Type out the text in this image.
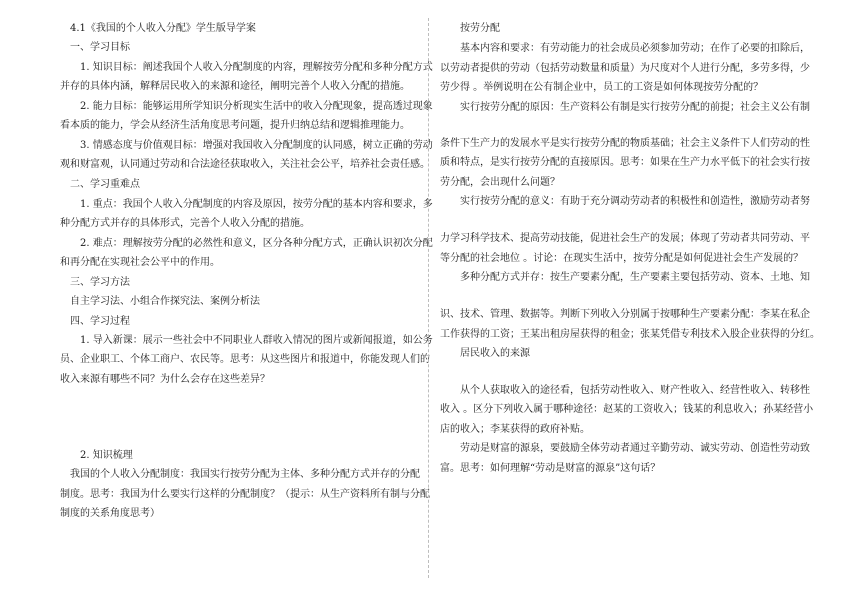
4.1《我国的个人收入分配》学生版导学案
一、学习目标
1. 知识目标：阐述我国个人收入分配制度的内容，理解按劳分配和多种分配方式
并存的具体内涵，解释居民收入的来源和途径，阐明完善个人收入分配的措施。
2. 能力目标：能够运用所学知识分析现实生活中的收入分配现象，提高透过现象
看本质的能力，学会从经济生活角度思考问题，提升归纳总结和逻辑推理能力。
3. 情感态度与价值观目标：增强对我国收入分配制度的认同感，树立正确的劳动
观和财富观，认同通过劳动和合法途径获取收入，关注社会公平，培养社会责任感。
二、学习重难点
1. 重点：我国个人收入分配制度的内容及原因，按劳分配的基本内容和要求，多
种分配方式并存的具体形式，完善个人收入分配的措施。
2. 难点：理解按劳分配的必然性和意义，区分各种分配方式，正确认识初次分配
和再分配在实现社会公平中的作用。
三、学习方法
自主学习法、小组合作探究法、案例分析法
四、学习过程
1. 导入新课：展示一些社会中不同职业人群收入情况的图片或新闻报道，如公务
员、企业职工、个体工商户、农民等。思考：从这些图片和报道中，你能发现人们的
收入来源有哪些不同？为什么会存在这些差异？
2. 知识梳理
我国的个人收入分配制度：我国实行按劳分配为主体、多种分配方式并存的分配
制度。思考：我国为什么要实行这样的分配制度？（提示：从生产资料所有制与分配
制度的关系角度思考）
按劳分配
基本内容和要求：有劳动能力的社会成员必须参加劳动；在作了必要的扣除后，
以劳动者提供的劳动（包括劳动数量和质量）为尺度对个人进行分配，多劳多得，少
劳少得 。举例说明在公有制企业中，员工的工资是如何体现按劳分配的？
实行按劳分配的原因：生产资料公有制是实行按劳分配的前提；社会主义公有制
条件下生产力的发展水平是实行按劳分配的物质基础；社会主义条件下人们劳动的性
质和特点，是实行按劳分配的直接原因。思考：如果在生产力水平低下的社会实行按
劳分配，会出现什么问题？
实行按劳分配的意义：有助于充分调动劳动者的积极性和创造性，激励劳动者努
力学习科学技术、提高劳动技能，促进社会生产的发展；体现了劳动者共同劳动、平
等分配的社会地位 。讨论：在现实生活中，按劳分配是如何促进社会生产发展的？
多种分配方式并存：按生产要素分配，生产要素主要包括劳动、资本、土地、知
识、技术、管理、数据等。判断下列收入分别属于按哪种生产要素分配：李某在私企
工作获得的工资；王某出租房屋获得的租金；张某凭借专利技术入股企业获得的分红。
居民收入的来源
从个人获取收入的途径看，包括劳动性收入、财产性收入、经营性收入、转移性
收入 。区分下列收入属于哪种途径：赵某的工资收入；钱某的利息收入；孙某经营小
店的收入；李某获得的政府补贴。
劳动是财富的源泉，要鼓励全体劳动者通过辛勤劳动、诚实劳动、创造性劳动致
富。思考：如何理解“劳动是财富的源泉”这句话？
